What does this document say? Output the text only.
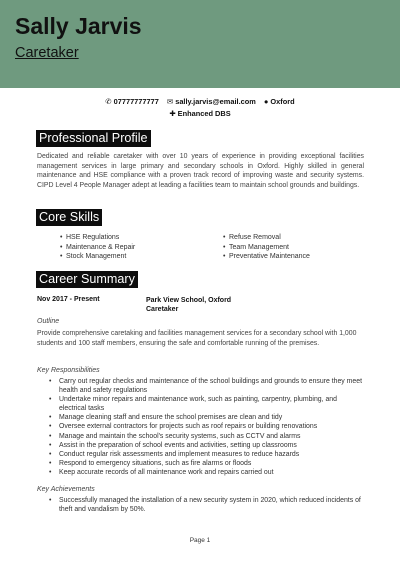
Sally Jarvis
Caretaker
✆ 07777777777 ✉ sally.jarvis@email.com ● Oxford
✚ Enhanced DBS
Professional Profile
Dedicated and reliable caretaker with over 10 years of experience in providing exceptional facilities management services in large primary and secondary schools in Oxford. Highly skilled in general maintenance and HSE compliance with a proven track record of improving waste and security systems. CIPD Level 4 People Manager adept at leading a facilities team to maintain school grounds and buildings.
Core Skills
• HSE Regulations
• Maintenance & Repair
• Stock Management
• Refuse Removal
• Team Management
• Preventative Maintenance
Career Summary
Nov 2017 - Present	Park View School, Oxford
Caretaker
Outline
Provide comprehensive caretaking and facilities management services for a secondary school with 1,000 students and 100 staff members, ensuring the safe and comfortable running of the premises.
Key Responsibilities
• Carry out regular checks and maintenance of the school buildings and grounds to ensure they meet health and safety regulations
• Undertake minor repairs and maintenance work, such as painting, carpentry, plumbing, and electrical tasks
• Manage cleaning staff and ensure the school premises are clean and tidy
• Oversee external contractors for projects such as roof repairs or building renovations
• Manage and maintain the school's security systems, such as CCTV and alarms
• Assist in the preparation of school events and activities, setting up classrooms
• Conduct regular risk assessments and implement measures to reduce hazards
• Respond to emergency situations, such as fire alarms or floods
• Keep accurate records of all maintenance work and repairs carried out
Key Achievements
• Successfully managed the installation of a new security system in 2020, which reduced incidents of theft and vandalism by 50%.
Page 1
